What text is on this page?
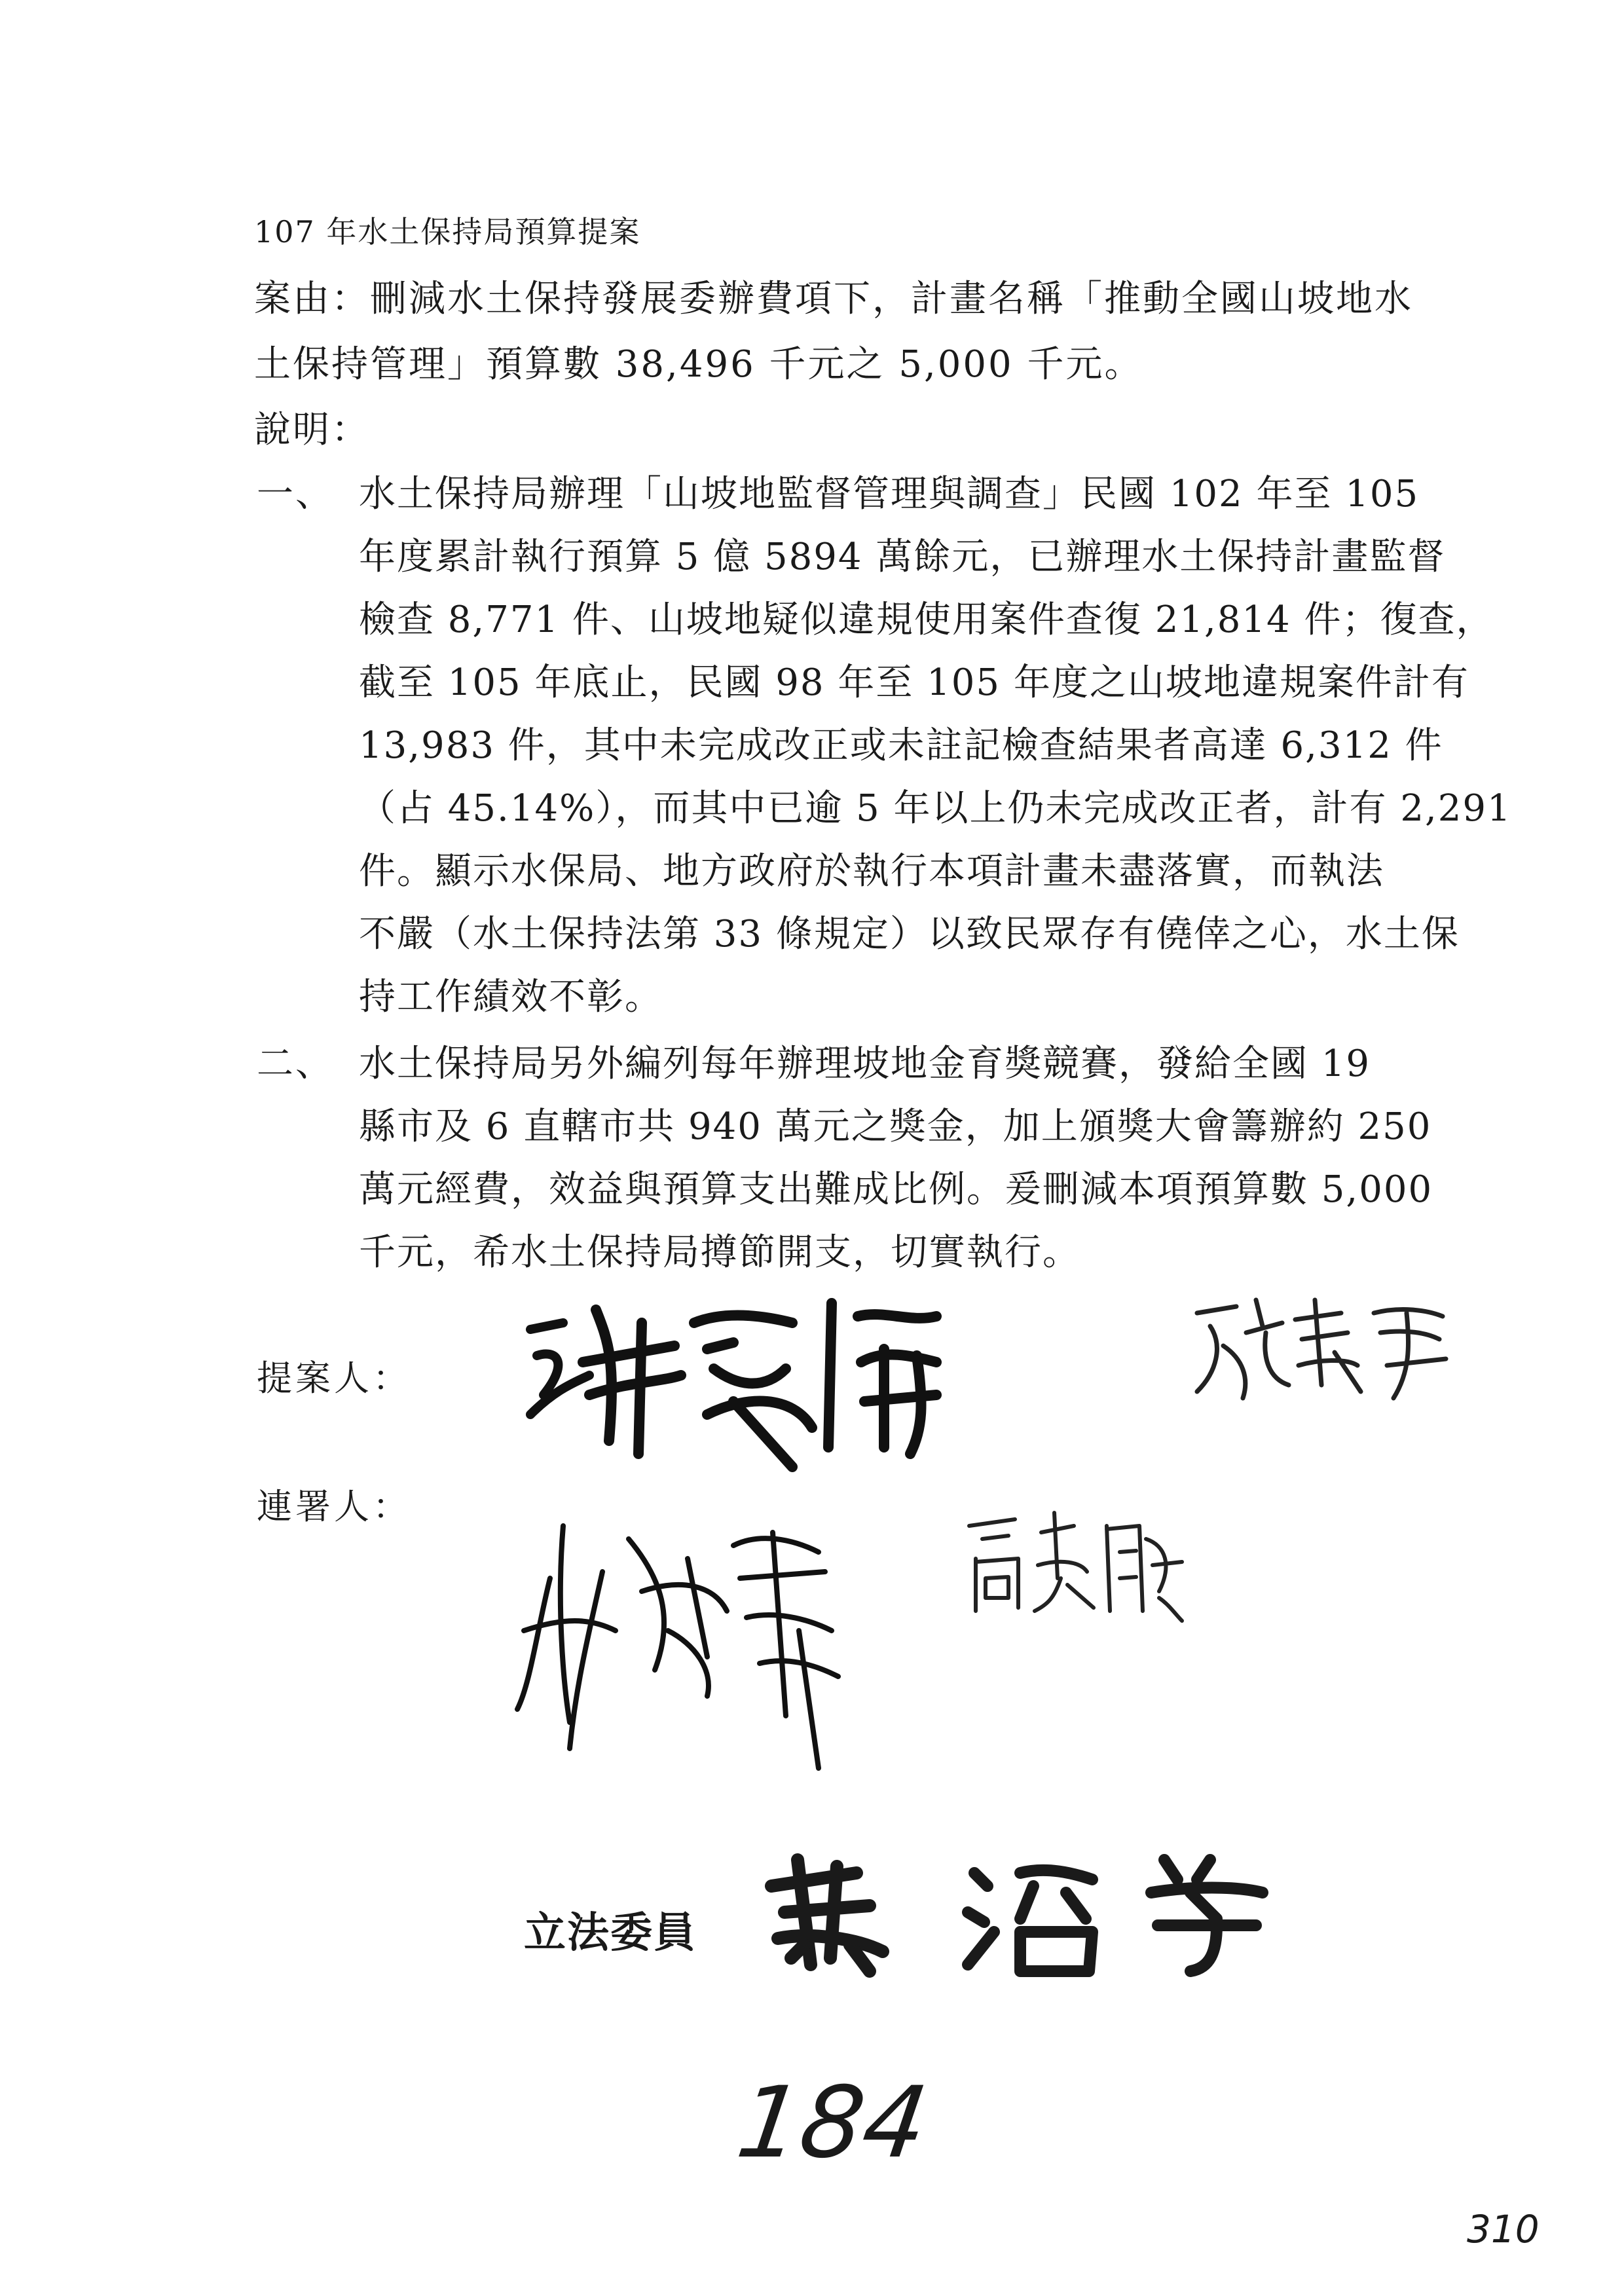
107 年水土保持局預算提案
案由：刪減水土保持發展委辦費項下，計畫名稱「推動全國山坡地水
土保持管理」預算數 38,496 千元之 5,000 千元。
說明：
一、 水土保持局辦理「山坡地監督管理與調查」民國 102 年至 105
年度累計執行預算 5 億 5894 萬餘元，已辦理水土保持計畫監督
檢查 8,771 件、山坡地疑似違規使用案件查復 21,814 件；復查，
截至 105 年底止，民國 98 年至 105 年度之山坡地違規案件計有
13,983 件，其中未完成改正或未註記檢查結果者高達 6,312 件
（占 45.14%），而其中已逾 5 年以上仍未完成改正者，計有 2,291
件。顯示水保局、地方政府於執行本項計畫未盡落實，而執法
不嚴（水土保持法第 33 條規定）以致民眾存有僥倖之心，水土保
持工作績效不彰。
二、 水土保持局另外編列每年辦理坡地金育獎競賽，發給全國 19
縣市及 6 直轄市共 940 萬元之獎金，加上頒獎大會籌辦約 250
萬元經費，效益與預算支出難成比例。爰刪減本項預算數 5,000
千元，希水土保持局撙節開支，切實執行。
提案人：
連署人：
立法委員
184
310
